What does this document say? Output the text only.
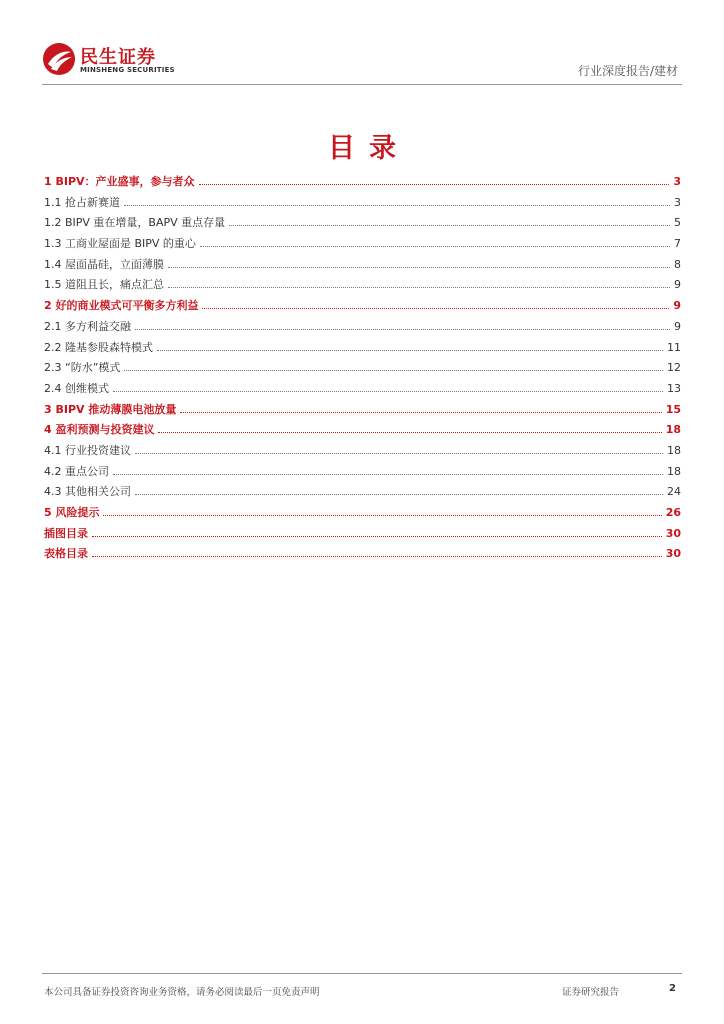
民生证券
MINSHENG SECURITIES	行业深度报告/建材
目录
1 BIPV：产业盛事，参与者众	3
1.1 抢占新赛道	3
1.2 BIPV 重在增量，BAPV 重点存量	5
1.3 工商业屋面是 BIPV 的重心	7
1.4 屋面晶硅，立面薄膜	8
1.5 道阻且长，痛点汇总	9
2 好的商业模式可平衡多方利益	9
2.1 多方利益交融	9
2.2 隆基参股森特模式	11
2.3 “防水”模式	12
2.4 创维模式	13
3 BIPV 推动薄膜电池放量	15
4 盈利预测与投资建议	18
4.1 行业投资建议	18
4.2 重点公司	18
4.3 其他相关公司	24
5 风险提示	26
插图目录	30
表格目录	30
本公司具备证券投资咨询业务资格，请务必阅读最后一页免责声明	证券研究报告	2
